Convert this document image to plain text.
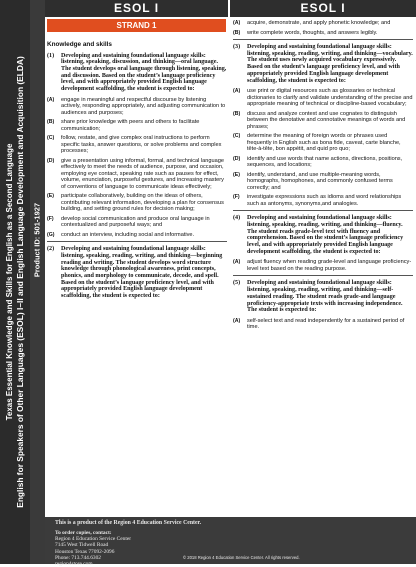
Texas Essential Knowledge and Skills for English as a Second Language English for Speakers of Other Languages (ESOL) I–II and English Language Development and Acquisition (ELDA) Product ID: 501-1927
ESOL I	ESOL I
STRAND 1
Knowledge and skills
(1)	Developing and sustaining foundational language skills: listening, speaking, discussion, and thinking—oral language. The student develops oral language through listening, speaking, and discussion. Based on the student’s language proficiency level, and with appropriately provided English language development scaffolding, the student is expected to:
(A)	engage in meaningful and respectful discourse by listening actively, responding appropriately, and adjusting communication to audiences and purposes;
(B)	share prior knowledge with peers and others to facilitate communication;
(C)	follow, restate, and give complex oral instructions to perform specific tasks, answer questions, or solve problems and complex processes;
(D)	give a presentation using informal, formal, and technical language effectively to meet the needs of audience, purpose, and occasion, employing eye contact, speaking rate such as pauses for effect, volume, enunciation, purposeful gestures, and increasing mastery of conventions of language to communicate ideas effectively;
(E)	participate collaboratively, building on the ideas of others, contributing relevant information, developing a plan for consensus building, and setting ground rules for decision making;
(F)	develop social communication and produce oral language in contextualized and purposeful ways; and
(G)	conduct an interview, including social and informative.
(2)	Developing and sustaining foundational language skills: listening, speaking, reading, writing, and thinking—beginning reading and writing. The student develops word structure knowledge through phonological awareness, print concepts, phonics, and morphology to communicate, decode, and spell. Based on the student’s language proficiency level, and with appropriately provided English language development scaffolding, the student is expected to:
(A)	acquire, demonstrate, and apply phonetic knowledge; and
(B)	write complete words, thoughts, and answers legibly.
(3)	Developing and sustaining foundational language skills: listening, speaking, reading, writing, and thinking—vocabulary. The student uses newly acquired vocabulary expressively. Based on the student’s language proficiency level, and with appropriately provided English language development scaffolding, the student is expected to:
(A)	use print or digital resources such as glossaries or technical dictionaries to clarify and validate understanding of the precise and appropriate meaning of technical or discipline-based vocabulary;
(B)	discuss and analyze context and use cognates to distinguish between the denotative and connotative meanings of words and phrases;
(C)	determine the meaning of foreign words or phrases used frequently in English such as bona fide, caveat, carte blanche, tête-à-tête, bon appétit, and quid pro quo;
(D)	identify and use words that name actions, directions, positions, sequences, and locations;
(E)	identify, understand, and use multiple-meaning words, homographs, homophones, and commonly confused terms correctly; and
(F)	investigate expressions such as idioms and word relationships such as antonyms, synonyms,and analogies.
(4)	Developing and sustaining foundational language skills: listening, speaking, reading, writing, and thinking—fluency. The student reads grade-level text with fluency and comprehension. Based on the student’s language proficiency level, and with appropriately provided English language development scaffolding, the student is expected to:
(A)	adjust fluency when reading grade-level and language proficiency-level text based on the reading purpose.
(5)	Developing and sustaining foundational language skills: listening, speaking, reading, writing, and thinking—self-sustained reading. The student reads grade-and language proficiency-appropriate texts with increasing independence. The student is expected to:
(A)	self-select text and read independently for a sustained period of time.
This is a product of the Region 4 Education Service Center.
To order copies, contact:
Region 4 Education Service Center
7145 West Tidwell Road
Houston Texas 77092-2096
Phone: 713.744.6302
region4store.com
© 2018 Region 4 Education Service Center. All rights reserved.
